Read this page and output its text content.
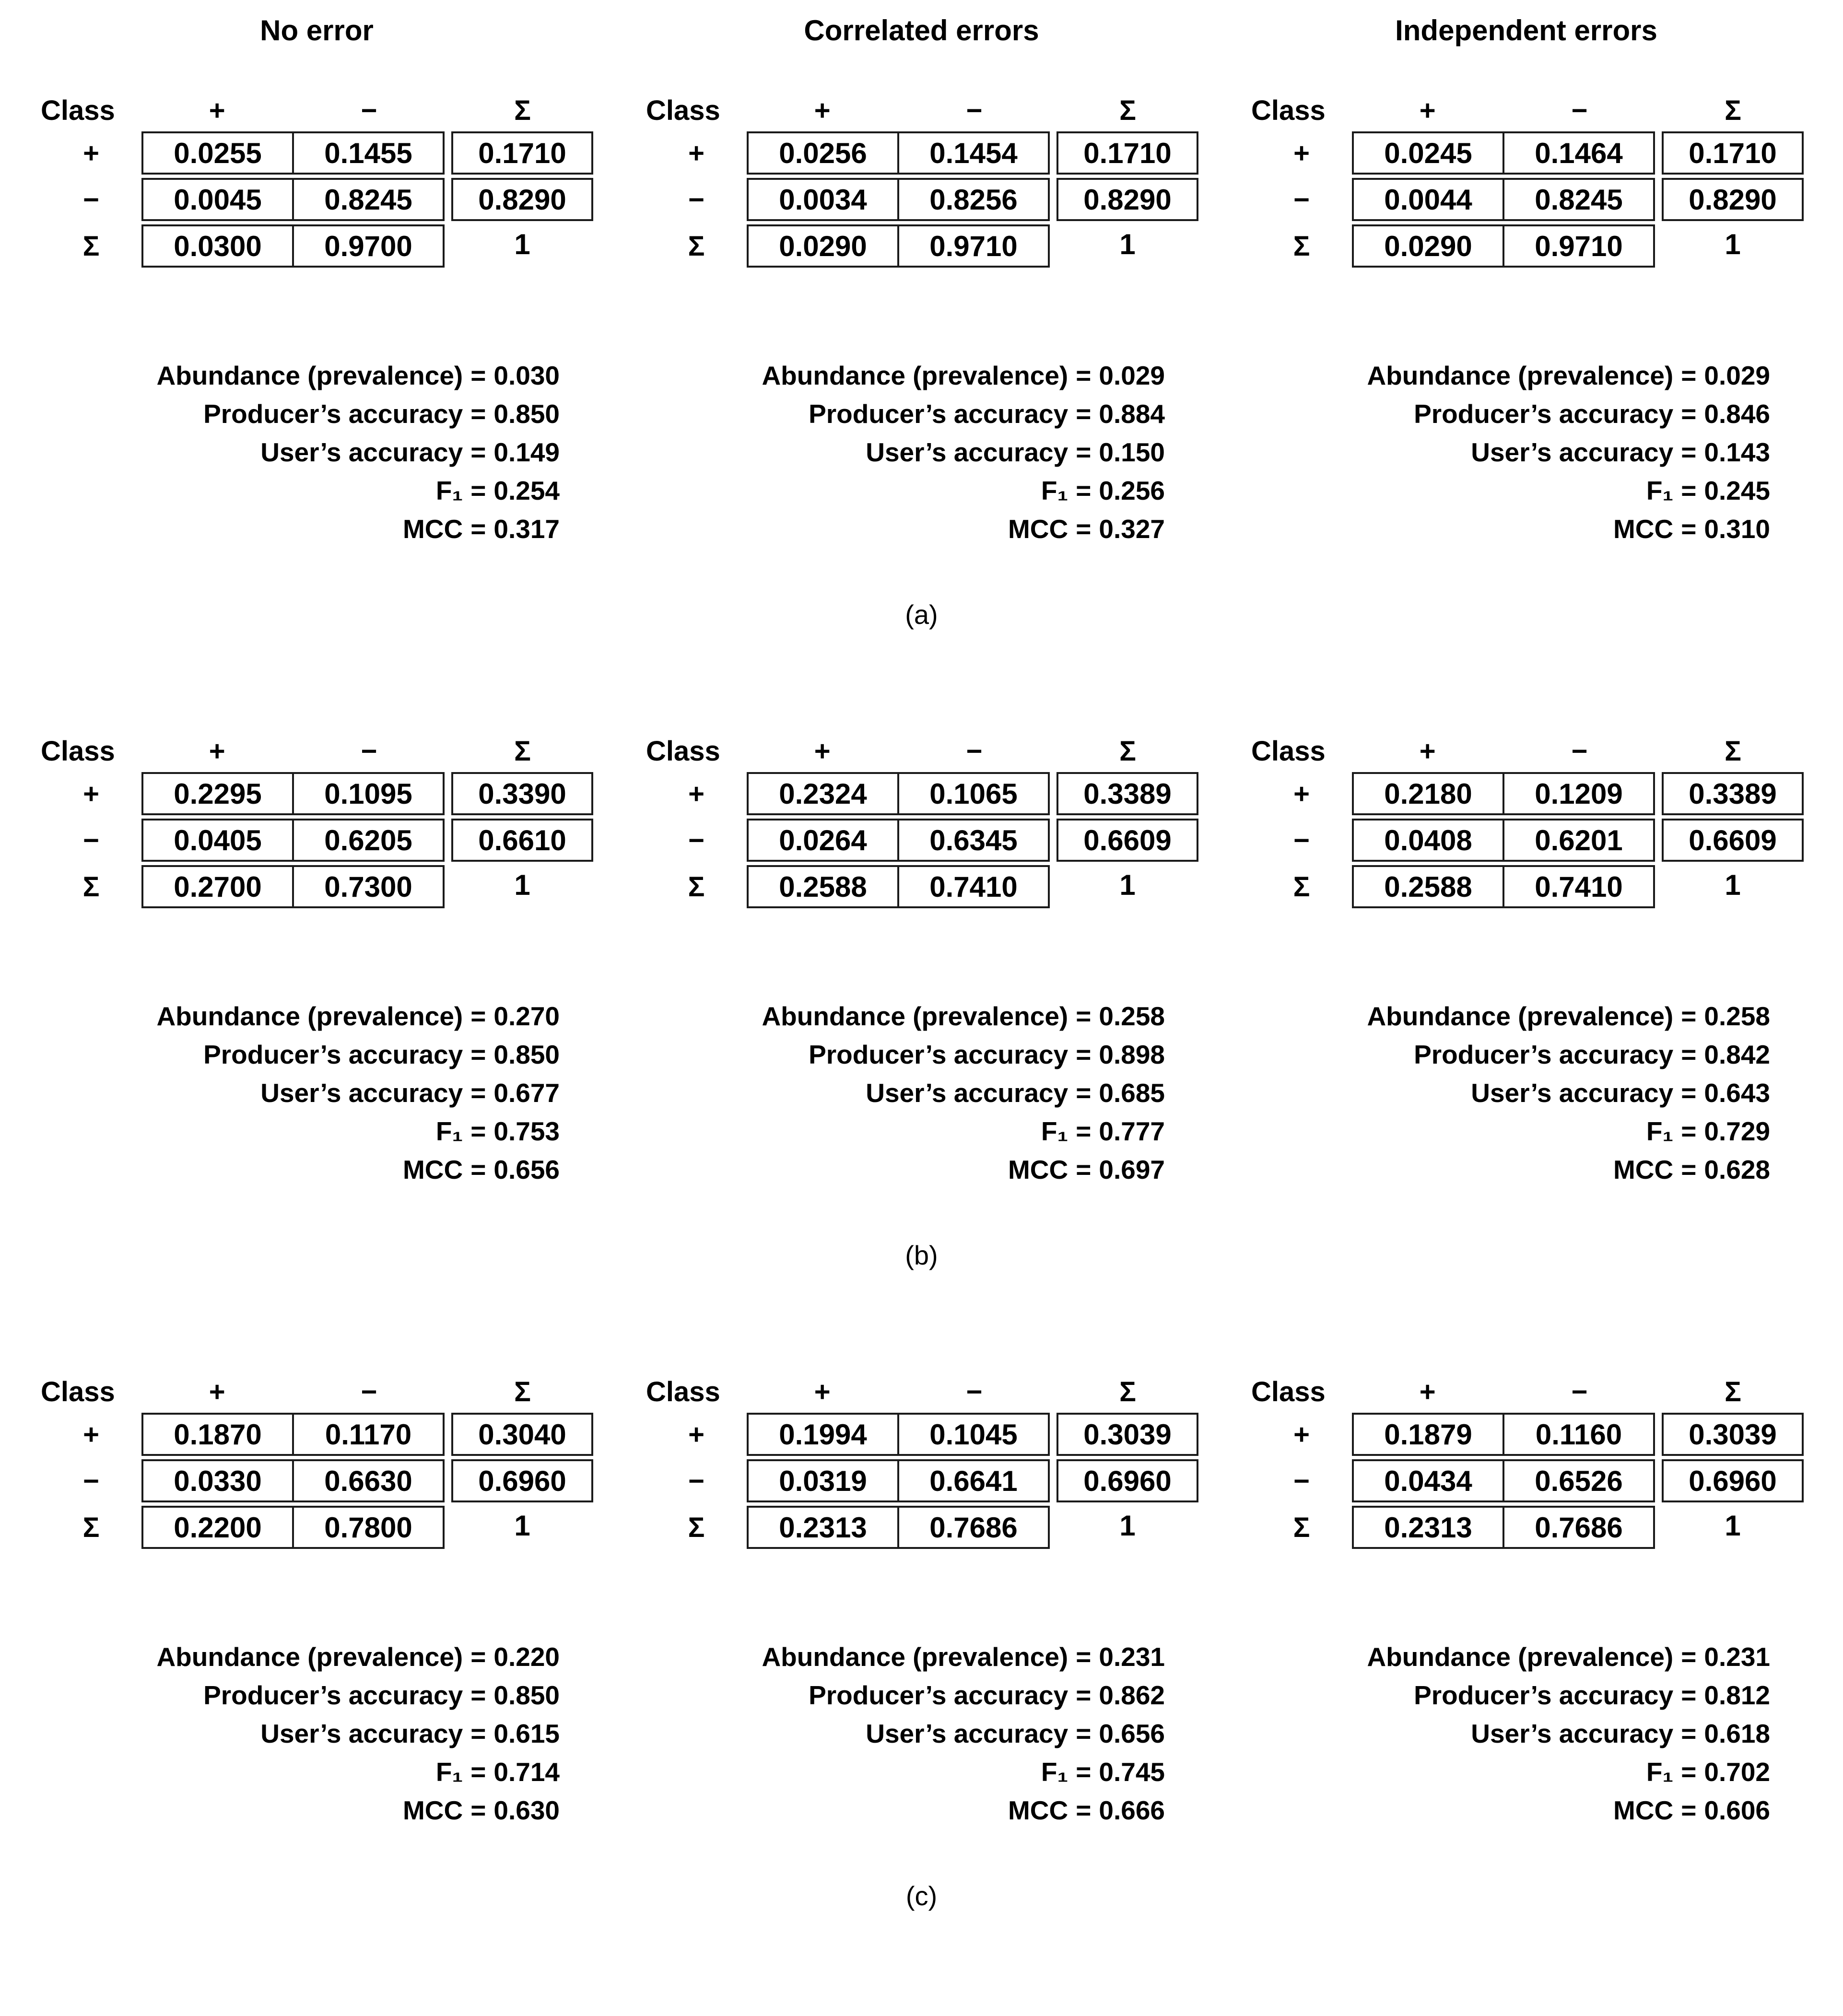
No error	Correlated errors	Independent errors
Class	+	−	Σ
+	0.0255	0.1455	0.1710
−	0.0045	0.8245	0.8290
Σ	0.0300	0.9700	1
Abundance (prevalence) = 0.030
Producer’s accuracy = 0.850
User’s accuracy = 0.149
F₁ = 0.254
MCC = 0.317
Class	+	−	Σ
+	0.0256	0.1454	0.1710
−	0.0034	0.8256	0.8290
Σ	0.0290	0.9710	1
Abundance (prevalence) = 0.029
Producer’s accuracy = 0.884
User’s accuracy = 0.150
F₁ = 0.256
MCC = 0.327
Class	+	−	Σ
+	0.0245	0.1464	0.1710
−	0.0044	0.8245	0.8290
Σ	0.0290	0.9710	1
Abundance (prevalence) = 0.029
Producer’s accuracy = 0.846
User’s accuracy = 0.143
F₁ = 0.245
MCC = 0.310
(a)
Class	+	−	Σ
+	0.2295	0.1095	0.3390
−	0.0405	0.6205	0.6610
Σ	0.2700	0.7300	1
Abundance (prevalence) = 0.270
Producer’s accuracy = 0.850
User’s accuracy = 0.677
F₁ = 0.753
MCC = 0.656
Class	+	−	Σ
+	0.2324	0.1065	0.3389
−	0.0264	0.6345	0.6609
Σ	0.2588	0.7410	1
Abundance (prevalence) = 0.258
Producer’s accuracy = 0.898
User’s accuracy = 0.685
F₁ = 0.777
MCC = 0.697
Class	+	−	Σ
+	0.2180	0.1209	0.3389
−	0.0408	0.6201	0.6609
Σ	0.2588	0.7410	1
Abundance (prevalence) = 0.258
Producer’s accuracy = 0.842
User’s accuracy = 0.643
F₁ = 0.729
MCC = 0.628
(b)
Class	+	−	Σ
+	0.1870	0.1170	0.3040
−	0.0330	0.6630	0.6960
Σ	0.2200	0.7800	1
Abundance (prevalence) = 0.220
Producer’s accuracy = 0.850
User’s accuracy = 0.615
F₁ = 0.714
MCC = 0.630
Class	+	−	Σ
+	0.1994	0.1045	0.3039
−	0.0319	0.6641	0.6960
Σ	0.2313	0.7686	1
Abundance (prevalence) = 0.231
Producer’s accuracy = 0.862
User’s accuracy = 0.656
F₁ = 0.745
MCC = 0.666
Class	+	−	Σ
+	0.1879	0.1160	0.3039
−	0.0434	0.6526	0.6960
Σ	0.2313	0.7686	1
Abundance (prevalence) = 0.231
Producer’s accuracy = 0.812
User’s accuracy = 0.618
F₁ = 0.702
MCC = 0.606
(c)
